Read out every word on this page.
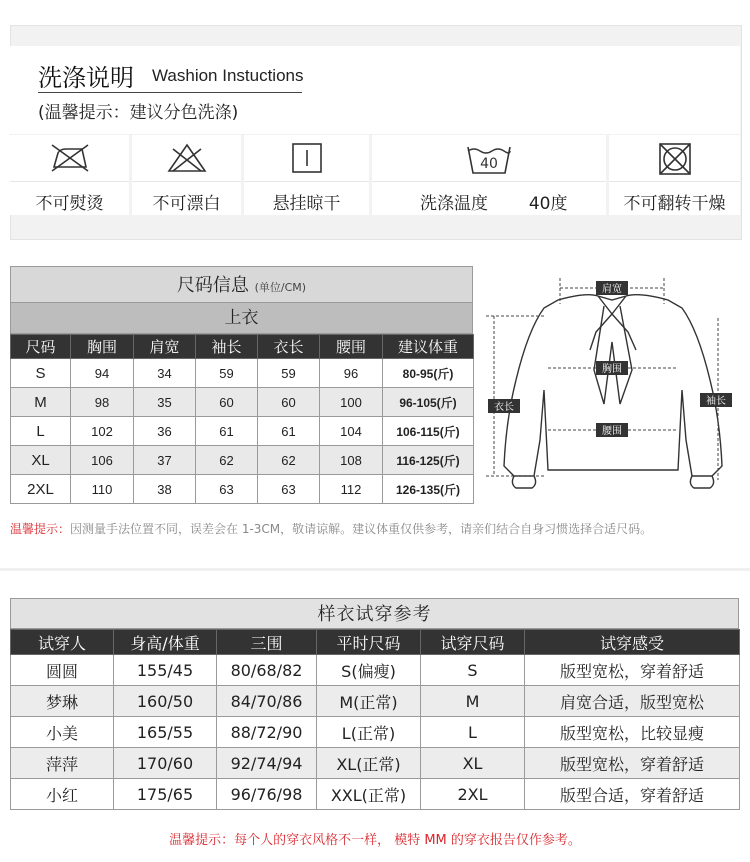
洗涤说明 Washion Instuctions
(温馨提示：建议分色洗涤)
不可熨烫	不可漂白	悬挂晾干
40
洗涤温度 40度	不可翻转干燥
尺码信息 (单位/CM)
上衣
尺码	胸围	肩宽	袖长	衣长	腰围	建议体重
S	94	34	59	59	96	80-95(斤)
M	98	35	60	60	100	96-105(斤)
L	102	36	61	61	104	106-115(斤)
XL	106	37	62	62	108	116-125(斤)
2XL	110	38	63	63	112	126-135(斤)
肩宽
胸围
腰围
衣长
袖长
温馨提示：因测量手法位置不同，误差会在 1-3CM，敬请谅解。建议体重仅供参考，请亲们结合自身习惯选择合适尺码。
样衣试穿参考
试穿人	身高/体重	三围	平时尺码	试穿尺码	试穿感受
圆圆	155/45	80/68/82	S(偏瘦)	S	版型宽松，穿着舒适
梦琳	160/50	84/70/86	M(正常)	M	肩宽合适，版型宽松
小美	165/55	88/72/90	L(正常)	L	版型宽松，比较显瘦
萍萍	170/60	92/74/94	XL(正常)	XL	版型宽松，穿着舒适
小红	175/65	96/76/98	XXL(正常)	2XL	版型合适，穿着舒适
温馨提示：每个人的穿衣风格不一样， 模特 MM 的穿衣报告仅作参考。
